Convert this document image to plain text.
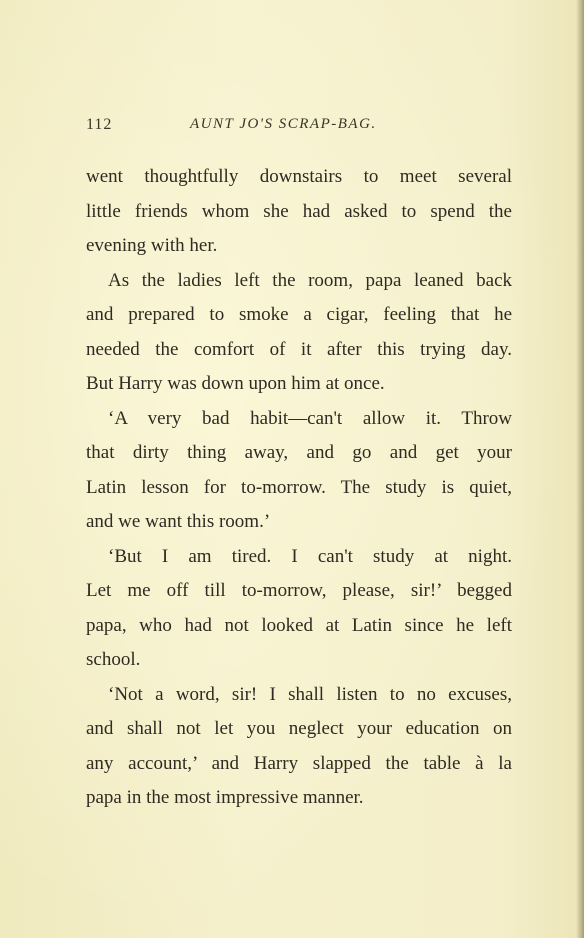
112	AUNT JO'S SCRAP-BAG.
went thoughtfully downstairs to meet several
little friends whom she had asked to spend the
evening with her.
As the ladies left the room, papa leaned back
and prepared to smoke a cigar, feeling that he
needed the comfort of it after this trying day.
But Harry was down upon him at once.
‘A very bad habit—can't allow it. Throw
that dirty thing away, and go and get your
Latin lesson for to-morrow. The study is quiet,
and we want this room.’
‘But I am tired. I can't study at night.
Let me off till to-morrow, please, sir!’ begged
papa, who had not looked at Latin since he left
school.
‘Not a word, sir! I shall listen to no excuses,
and shall not let you neglect your education on
any account,’ and Harry slapped the table à la
papa in the most impressive manner.
